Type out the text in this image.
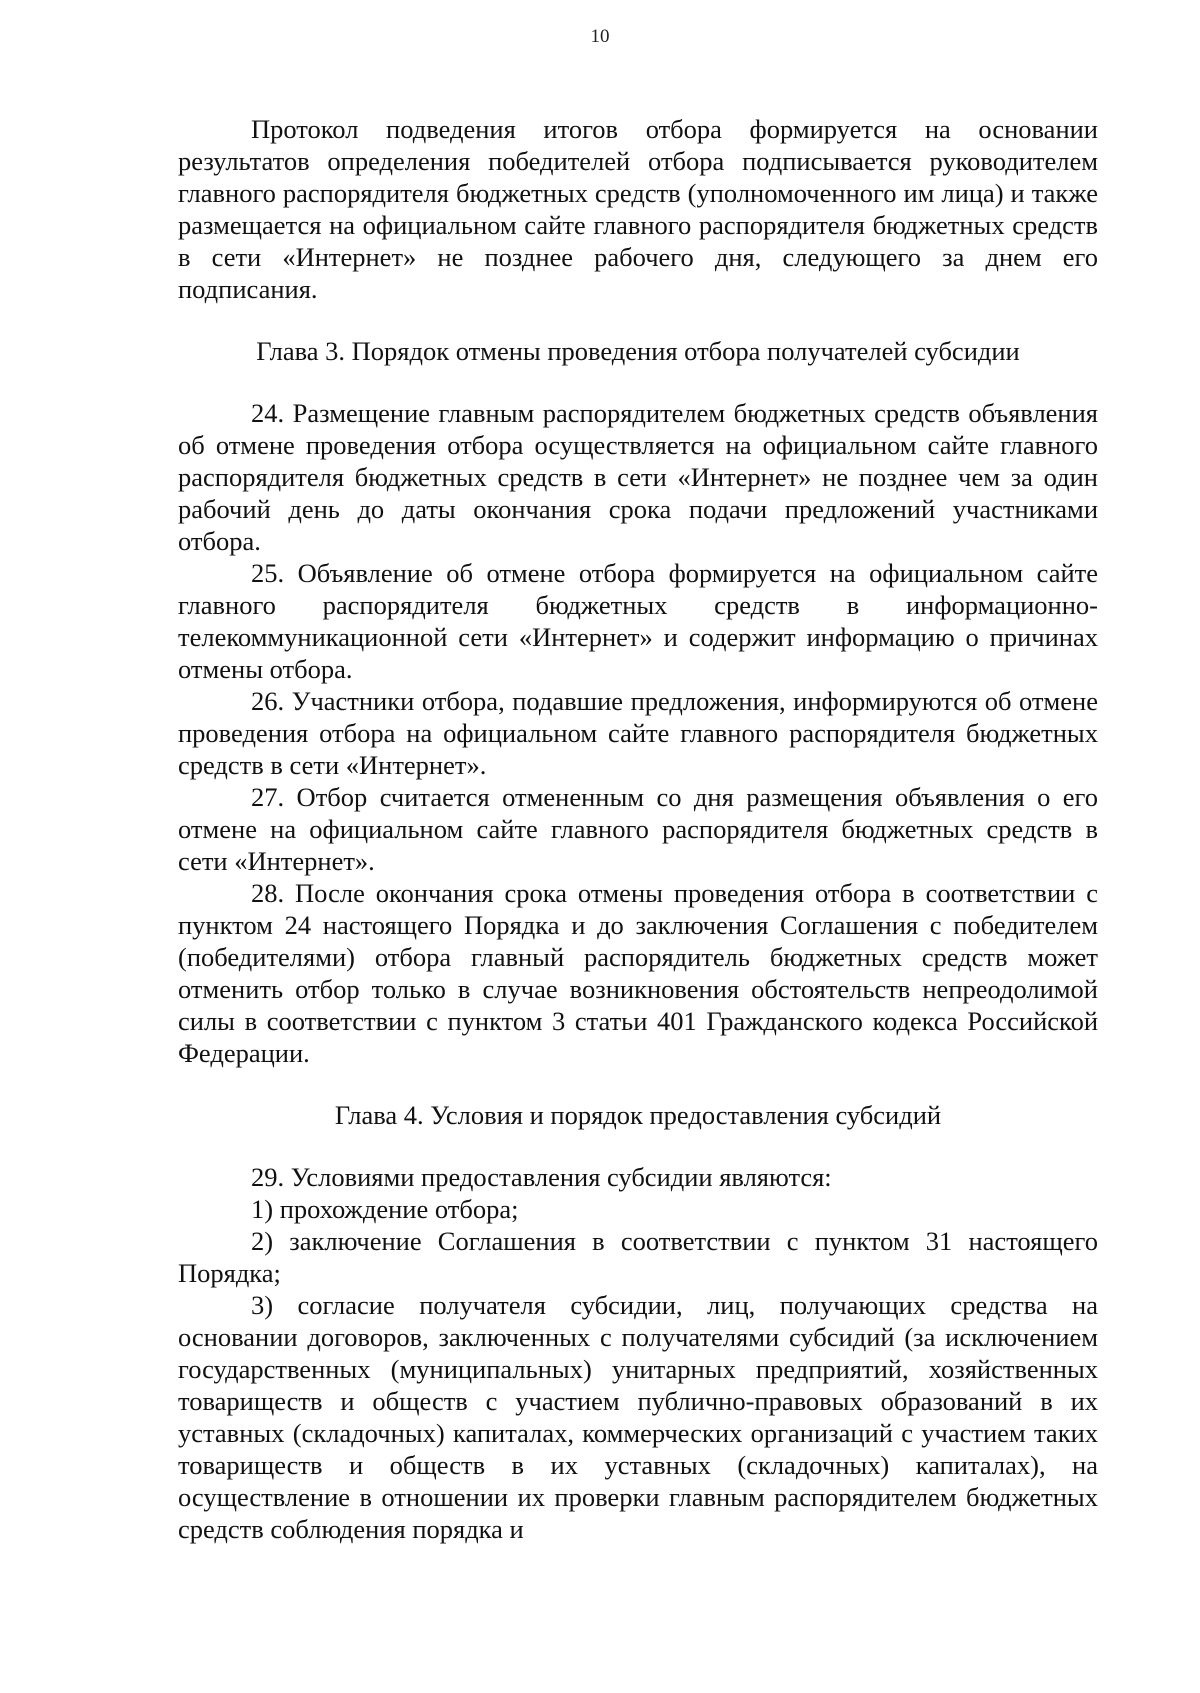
10

Протокол подведения итогов отбора формируется на основании результатов определения победителей отбора подписывается руководителем главного распорядителя бюджетных средств (уполномоченного им лица) и также размещается на официальном сайте главного распорядителя бюджетных средств в сети «Интернет» не позднее рабочего дня, следующего за днем его подписания.

Глава 3. Порядок отмены проведения отбора получателей субсидии

24. Размещение главным распорядителем бюджетных средств объявления об отмене проведения отбора осуществляется на официальном сайте главного распорядителя бюджетных средств в сети «Интернет» не позднее чем за один рабочий день до даты окончания срока подачи предложений участниками отбора.

25. Объявление об отмене отбора формируется на официальном сайте главного распорядителя бюджетных средств в информационно-телекоммуникационной сети «Интернет» и содержит информацию о причинах отмены отбора.

26. Участники отбора, подавшие предложения, информируются об отмене проведения отбора на официальном сайте главного распорядителя бюджетных средств в сети «Интернет».

27. Отбор считается отмененным со дня размещения объявления о его отмене на официальном сайте главного распорядителя бюджетных средств в сети «Интернет».

28. После окончания срока отмены проведения отбора в соответствии с пунктом 24 настоящего Порядка и до заключения Соглашения с победителем (победителями) отбора главный распорядитель бюджетных средств может отменить отбор только в случае возникновения обстоятельств непреодолимой силы в соответствии с пунктом 3 статьи 401 Гражданского кодекса Российской Федерации.

Глава 4. Условия и порядок предоставления субсидий

29. Условиями предоставления субсидии являются:

1) прохождение отбора;

2) заключение Соглашения в соответствии с пунктом 31 настоящего Порядка;

3) согласие получателя субсидии, лиц, получающих средства на основании договоров, заключенных с получателями субсидий (за исключением государственных (муниципальных) унитарных предприятий, хозяйственных товариществ и обществ с участием публично-правовых образований в их уставных (складочных) капиталах, коммерческих организаций с участием таких товариществ и обществ в их уставных (складочных) капиталах), на осуществление в отношении их проверки главным распорядителем бюджетных средств соблюдения порядка и
